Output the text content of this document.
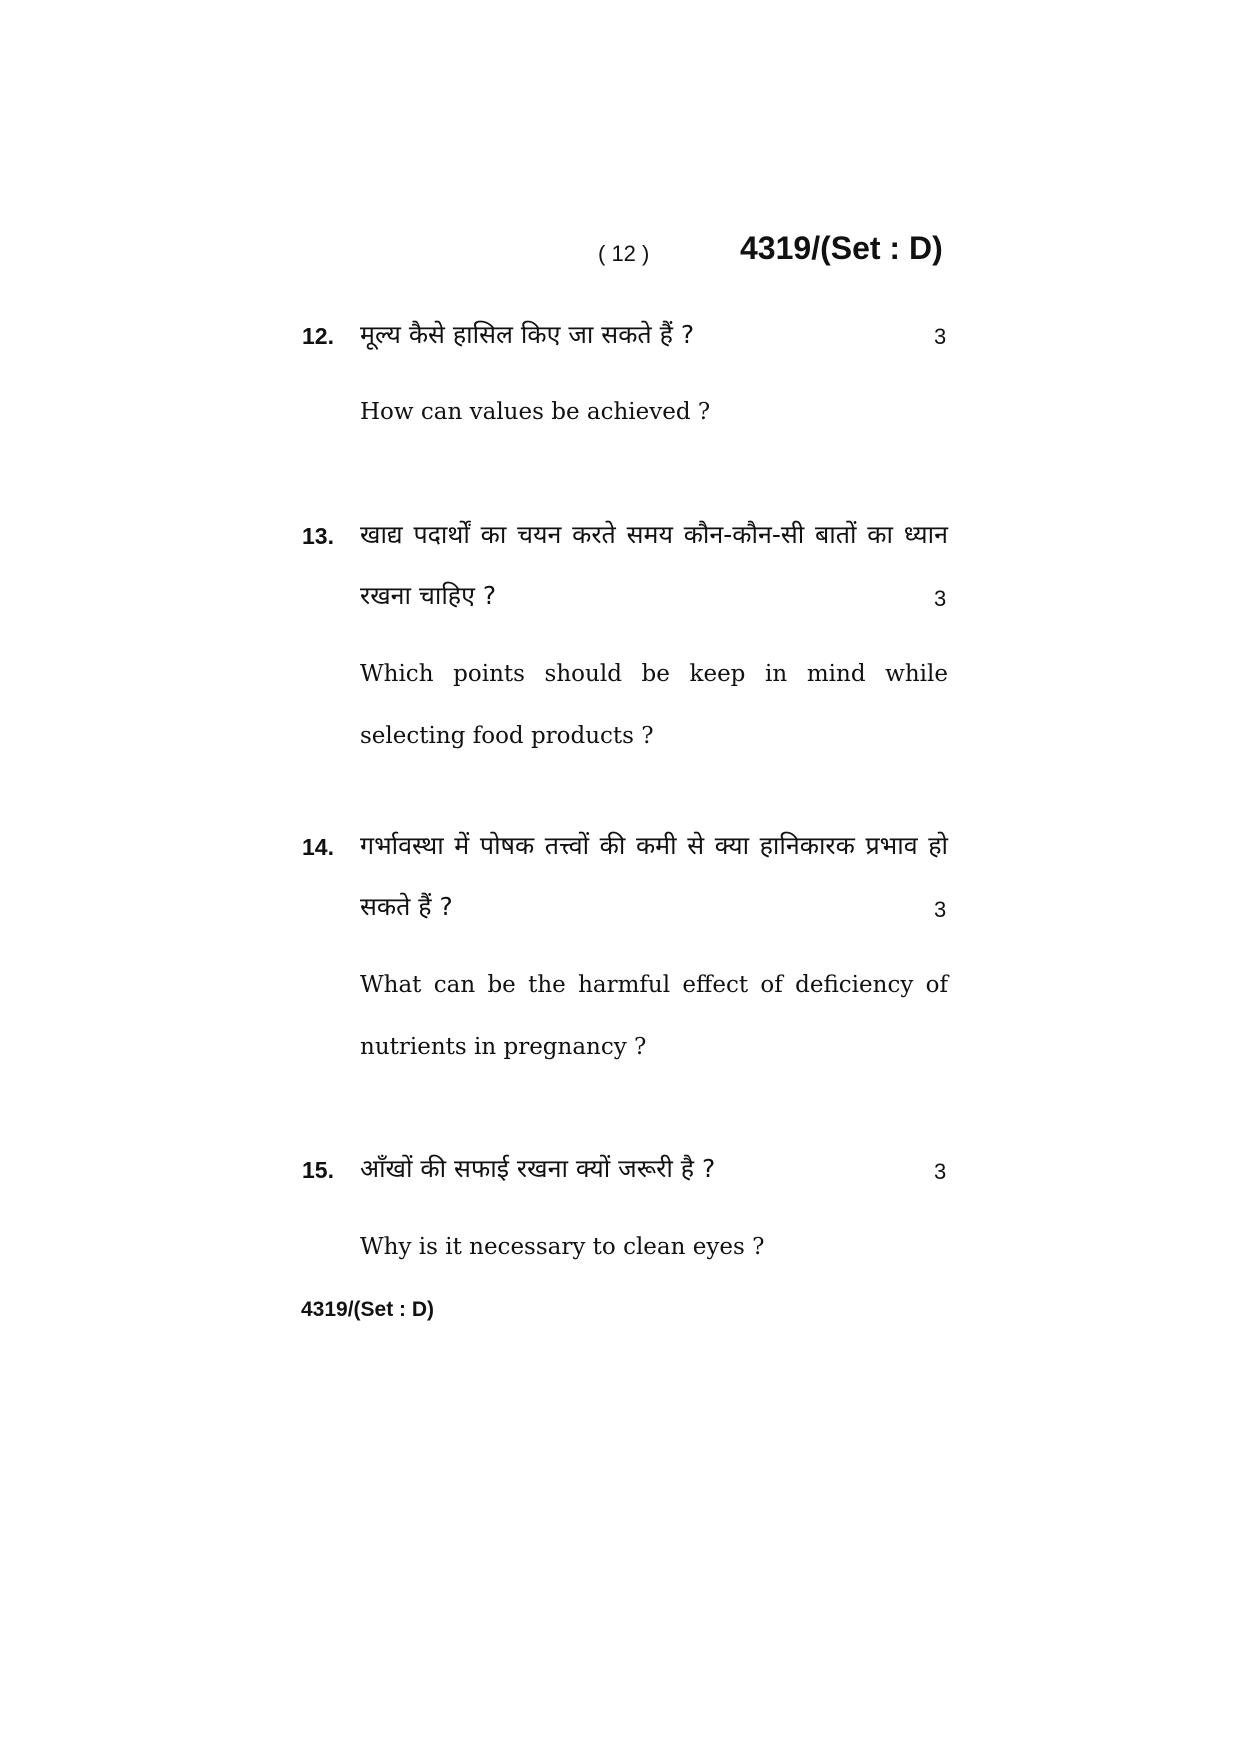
( 12 )	4319/(Set : D)
12. मूल्य कैसे हासिल किए जा सकते हैं ?	3
How can values be achieved ?
13. खाद्य पदार्थों का चयन करते समय कौन-कौन-सी बातों का ध्यान
रखना चाहिए ?	3
Which points should be keep in mind while
selecting food products ?
14. गर्भावस्था में पोषक तत्त्वों की कमी से क्या हानिकारक प्रभाव हो
सकते हैं ?	3
What can be the harmful effect of deficiency of
nutrients in pregnancy ?
15. आँखों की सफाई रखना क्यों जरूरी है ?	3
Why is it necessary to clean eyes ?
4319/(Set : D)
